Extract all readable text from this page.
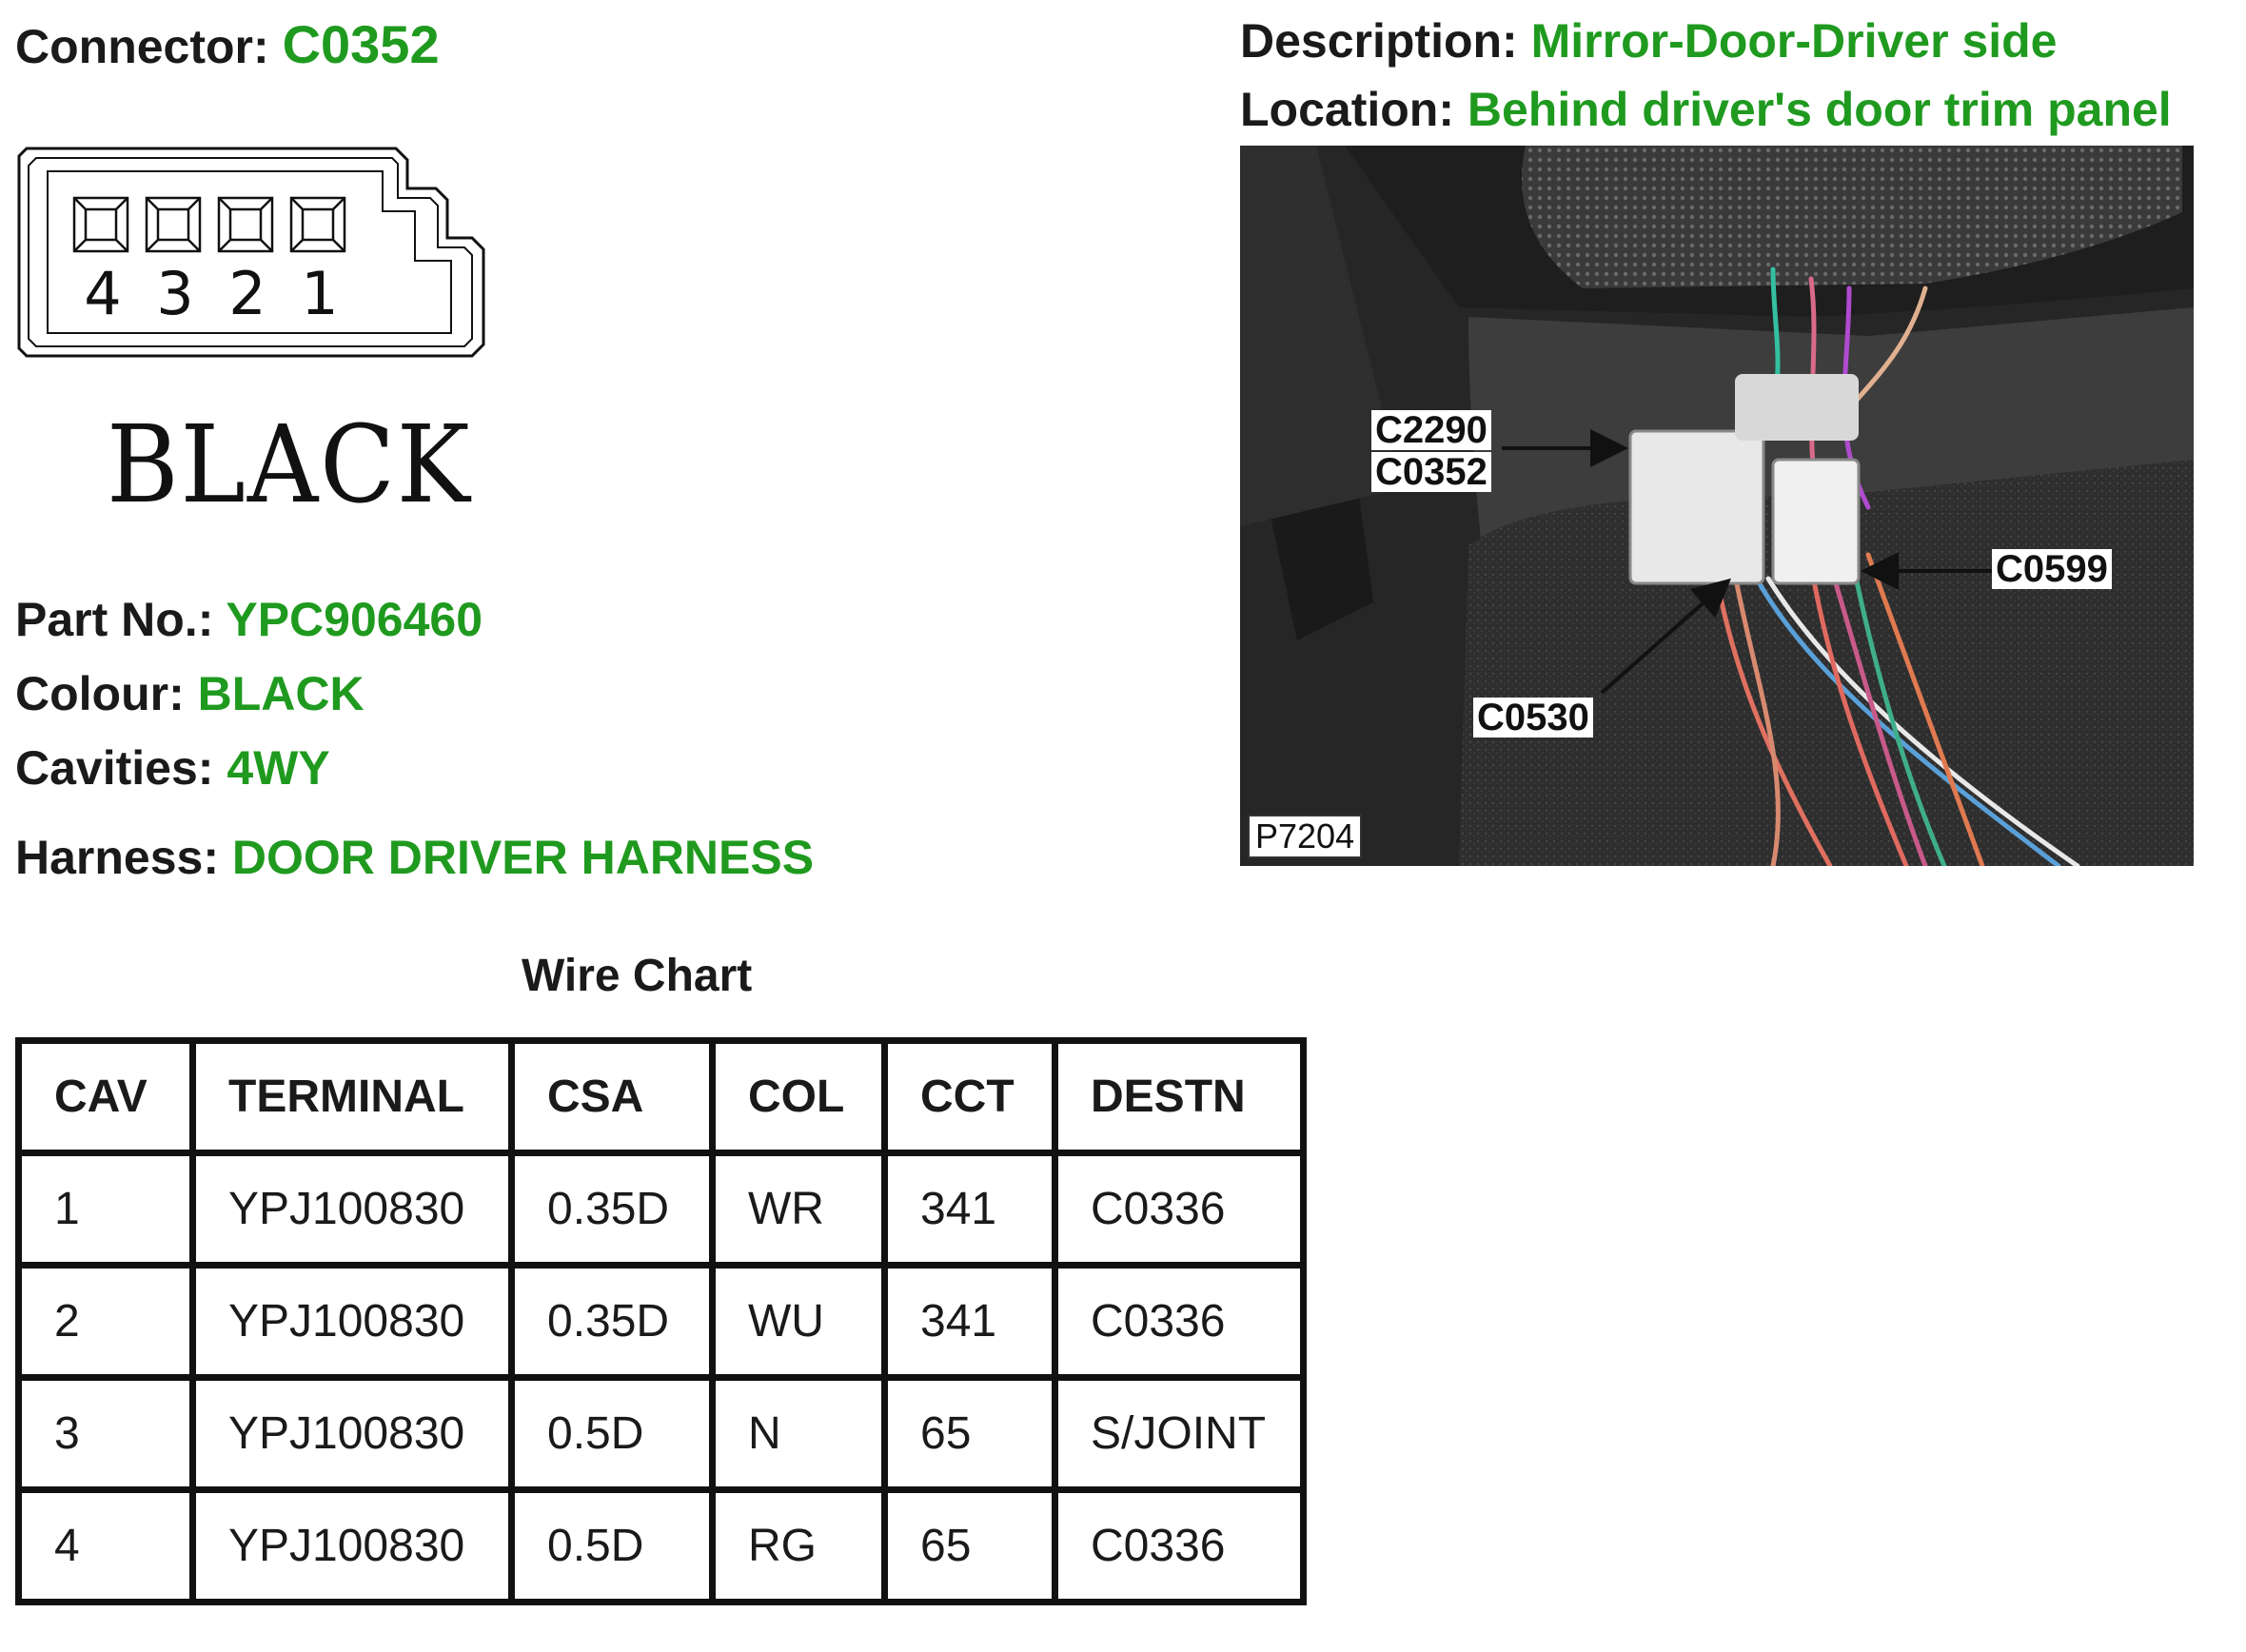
Connector: C0352	Description: Mirror-Door-Driver side
Location: Behind driver's door trim panel
4 3 2 1
BLACK
Part No.: YPC906460
Colour: BLACK
Cavities: 4WY
Harness: DOOR DRIVER HARNESS
C2290
C0352
C0599
C0530
P7204
Wire Chart
CAV	TERMINAL	CSA	COL	CCT	DESTN
1	YPJ100830	0.35D	WR	341	C0336
2	YPJ100830	0.35D	WU	341	C0336
3	YPJ100830	0.5D	N	65	S/JOINT
4	YPJ100830	0.5D	RG	65	C0336
